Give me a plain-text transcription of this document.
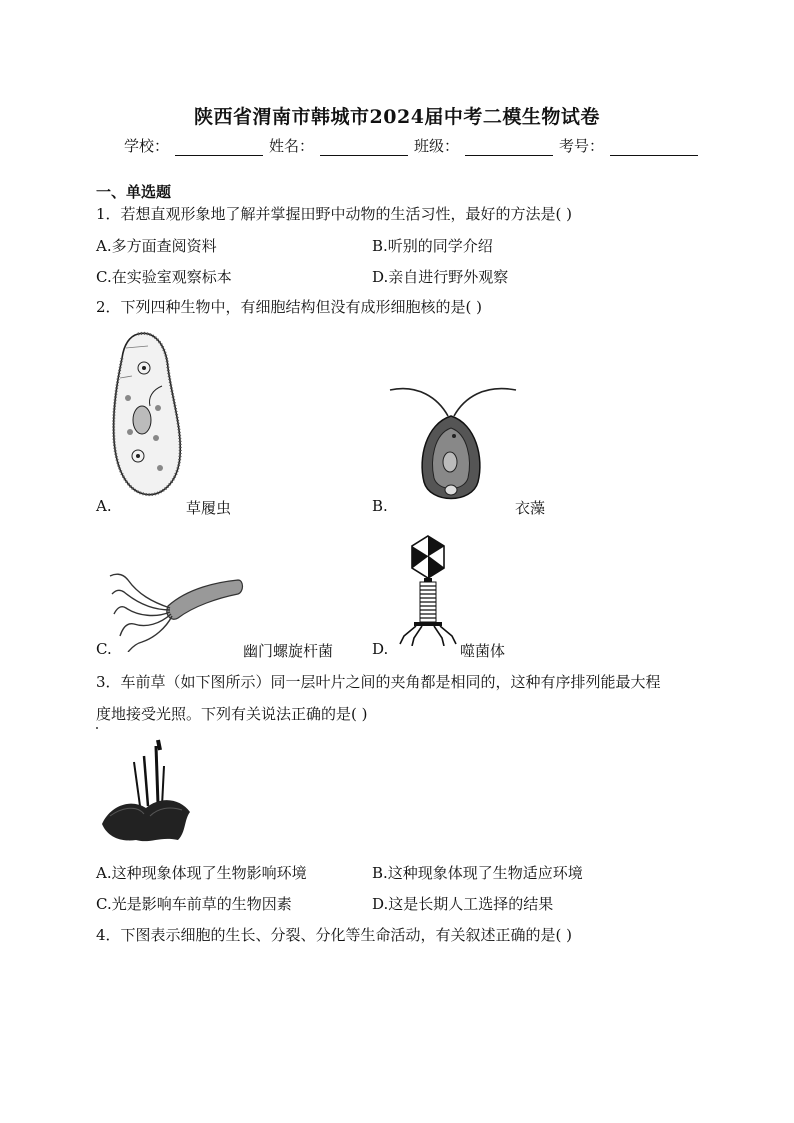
陕西省渭南市韩城市2024届中考二模生物试卷
学校：	姓名：	班级：	考号：
一、单选题
1．若想直观形象地了解并掌握田野中动物的生活习性，最好的方法是( )
A.多方面查阅资料	B.听别的同学介绍
C.在实验室观察标本	D.亲自进行野外观察
2．下列四种生物中，有细胞结构但没有成形细胞核的是( )
A.	草履虫	B.	衣藻
C.	幽门螺旋杆菌	D.	噬菌体
3．车前草（如下图所示）同一层叶片之间的夹角都是相同的，这种有序排列能最大程
度地接受光照。下列有关说法正确的是( )
A.这种现象体现了生物影响环境	B.这种现象体现了生物适应环境
C.光是影响车前草的生物因素	D.这是长期人工选择的结果
4．下图表示细胞的生长、分裂、分化等生命活动，有关叙述正确的是( )
